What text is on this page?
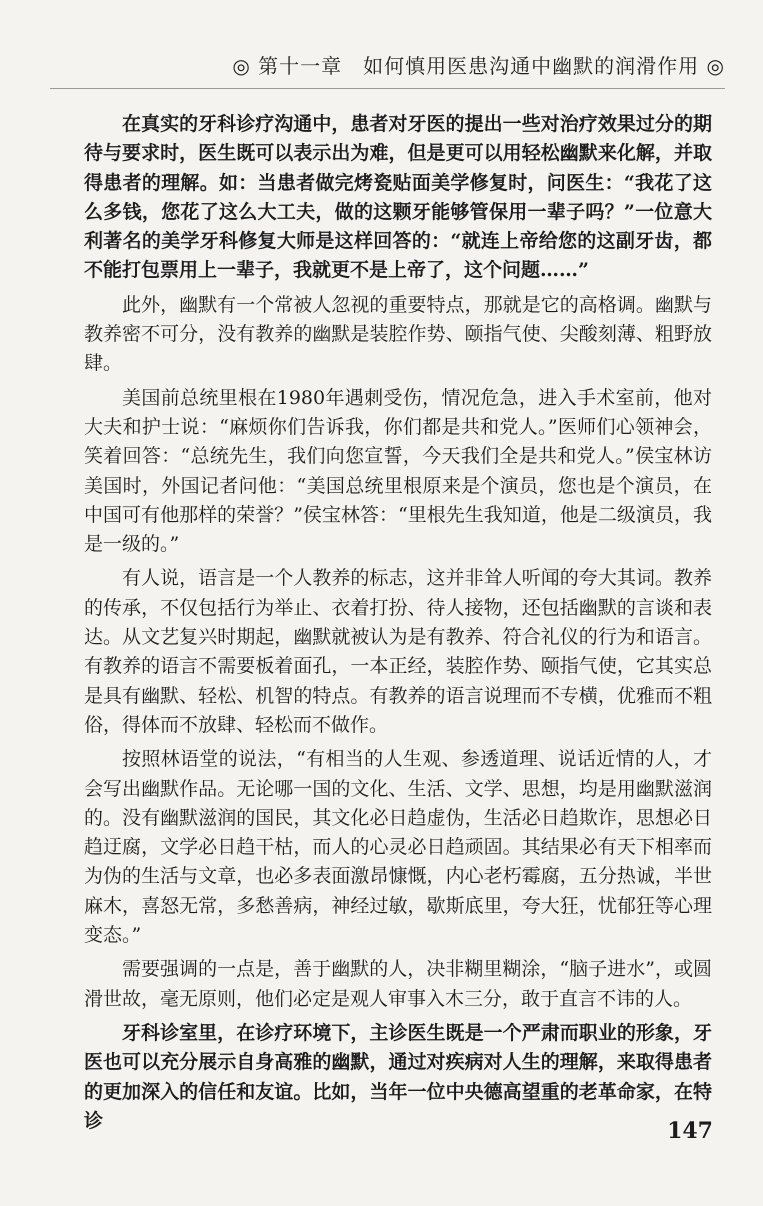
◎ 第十一章　如何慎用医患沟通中幽默的润滑作用 ◎

在真实的牙科诊疗沟通中，患者对牙医的提出一些对治疗效果过分的期待与要求时，医生既可以表示出为难，但是更可以用轻松幽默来化解，并取得患者的理解。如：当患者做完烤瓷贴面美学修复时，问医生：“我花了这么多钱，您花了这么大工夫，做的这颗牙能够管保用一辈子吗？”一位意大利著名的美学牙科修复大师是这样回答的：“就连上帝给您的这副牙齿，都不能打包票用上一辈子，我就更不是上帝了，这个问题……”

此外，幽默有一个常被人忽视的重要特点，那就是它的高格调。幽默与教养密不可分，没有教养的幽默是装腔作势、颐指气使、尖酸刻薄、粗野放肆。

美国前总统里根在1980年遇刺受伤，情况危急，进入手术室前，他对大夫和护士说：“麻烦你们告诉我，你们都是共和党人。”医师们心领神会，笑着回答：“总统先生，我们向您宣誓，今天我们全是共和党人。”侯宝林访美国时，外国记者问他：“美国总统里根原来是个演员，您也是个演员，在中国可有他那样的荣誉？”侯宝林答：“里根先生我知道，他是二级演员，我是一级的。”

有人说，语言是一个人教养的标志，这并非耸人听闻的夸大其词。教养的传承，不仅包括行为举止、衣着打扮、待人接物，还包括幽默的言谈和表达。从文艺复兴时期起，幽默就被认为是有教养、符合礼仪的行为和语言。有教养的语言不需要板着面孔，一本正经，装腔作势、颐指气使，它其实总是具有幽默、轻松、机智的特点。有教养的语言说理而不专横，优雅而不粗俗，得体而不放肆、轻松而不做作。

按照林语堂的说法，“有相当的人生观、参透道理、说话近情的人，才会写出幽默作品。无论哪一国的文化、生活、文学、思想，均是用幽默滋润的。没有幽默滋润的国民，其文化必日趋虚伪，生活必日趋欺诈，思想必日趋迂腐，文学必日趋干枯，而人的心灵必日趋顽固。其结果必有天下相率而为伪的生活与文章，也必多表面激昂慷慨，内心老朽霉腐，五分热诚，半世麻木，喜怒无常，多愁善病，神经过敏，歇斯底里，夸大狂，忧郁狂等心理变态。”

需要强调的一点是，善于幽默的人，决非糊里糊涂，“脑子进水”，或圆滑世故，毫无原则，他们必定是观人审事入木三分，敢于直言不讳的人。

牙科诊室里，在诊疗环境下，主诊医生既是一个严肃而职业的形象，牙医也可以充分展示自身高雅的幽默，通过对疾病对人生的理解，来取得患者的更加深入的信任和友谊。比如，当年一位中央德高望重的老革命家，在特诊	147
